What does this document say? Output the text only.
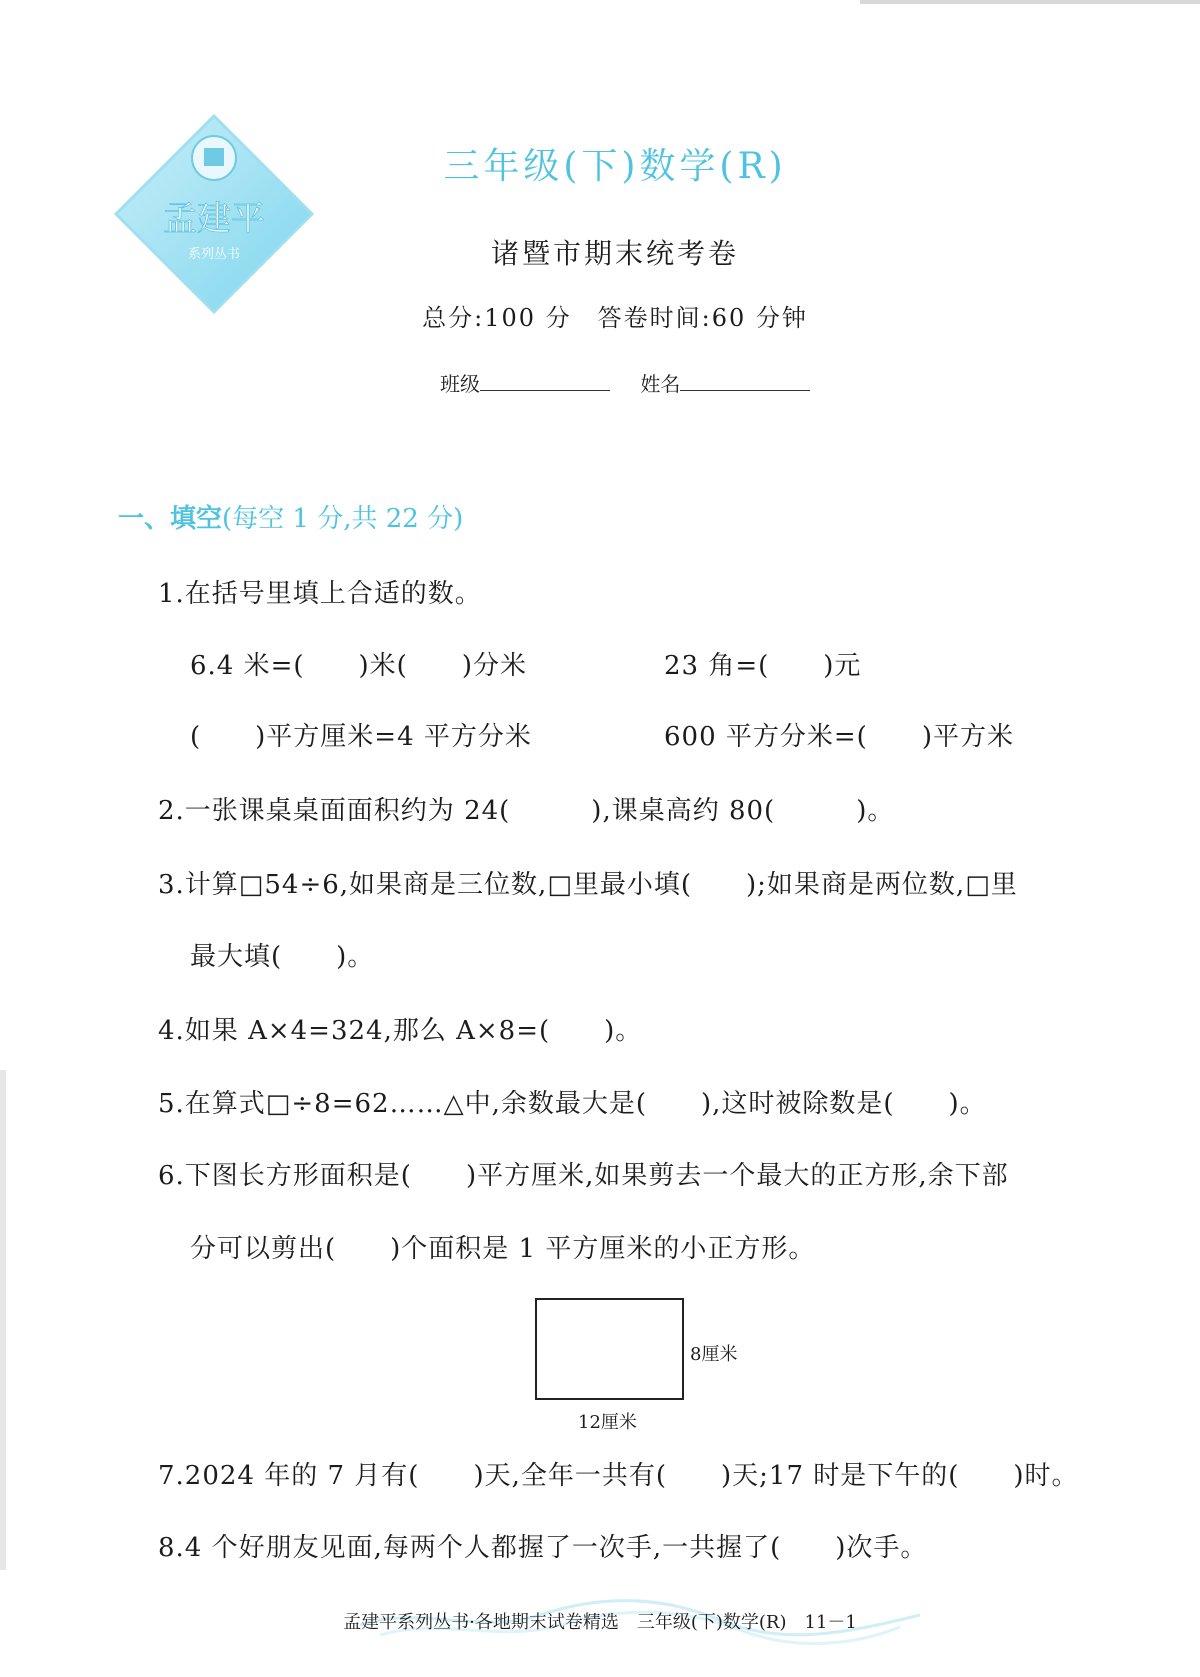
孟建平
系列丛书
三年级(下)数学(R)
诸暨市期末统考卷
总分:100 分　答卷时间:60 分钟
班级	姓名
一、填空(每空 1 分,共 22 分)
1.在括号里填上合适的数。
6.4 米=(　　)米(　　)分米	23 角=(　　)元
(　　)平方厘米=4 平方分米	600 平方分米=(　　)平方米
2.一张课桌桌面面积约为 24(　　　),课桌高约 80(　　　)。
3.计算□54÷6,如果商是三位数,□里最小填(　　);如果商是两位数,□里
最大填(　　)。
4.如果 A×4=324,那么 A×8=(　　)。
5.在算式□÷8=62……△中,余数最大是(　　),这时被除数是(　　)。
6.下图长方形面积是(　　)平方厘米,如果剪去一个最大的正方形,余下部
分可以剪出(　　)个面积是 1 平方厘米的小正方形。
8厘米
12厘米
7.2024 年的 7 月有(　　)天,全年一共有(　　)天;17 时是下午的(　　)时。
8.4 个好朋友见面,每两个人都握了一次手,一共握了(　　)次手。
孟建平系列丛书·各地期末试卷精选　三年级(下)数学(R)　11－1
